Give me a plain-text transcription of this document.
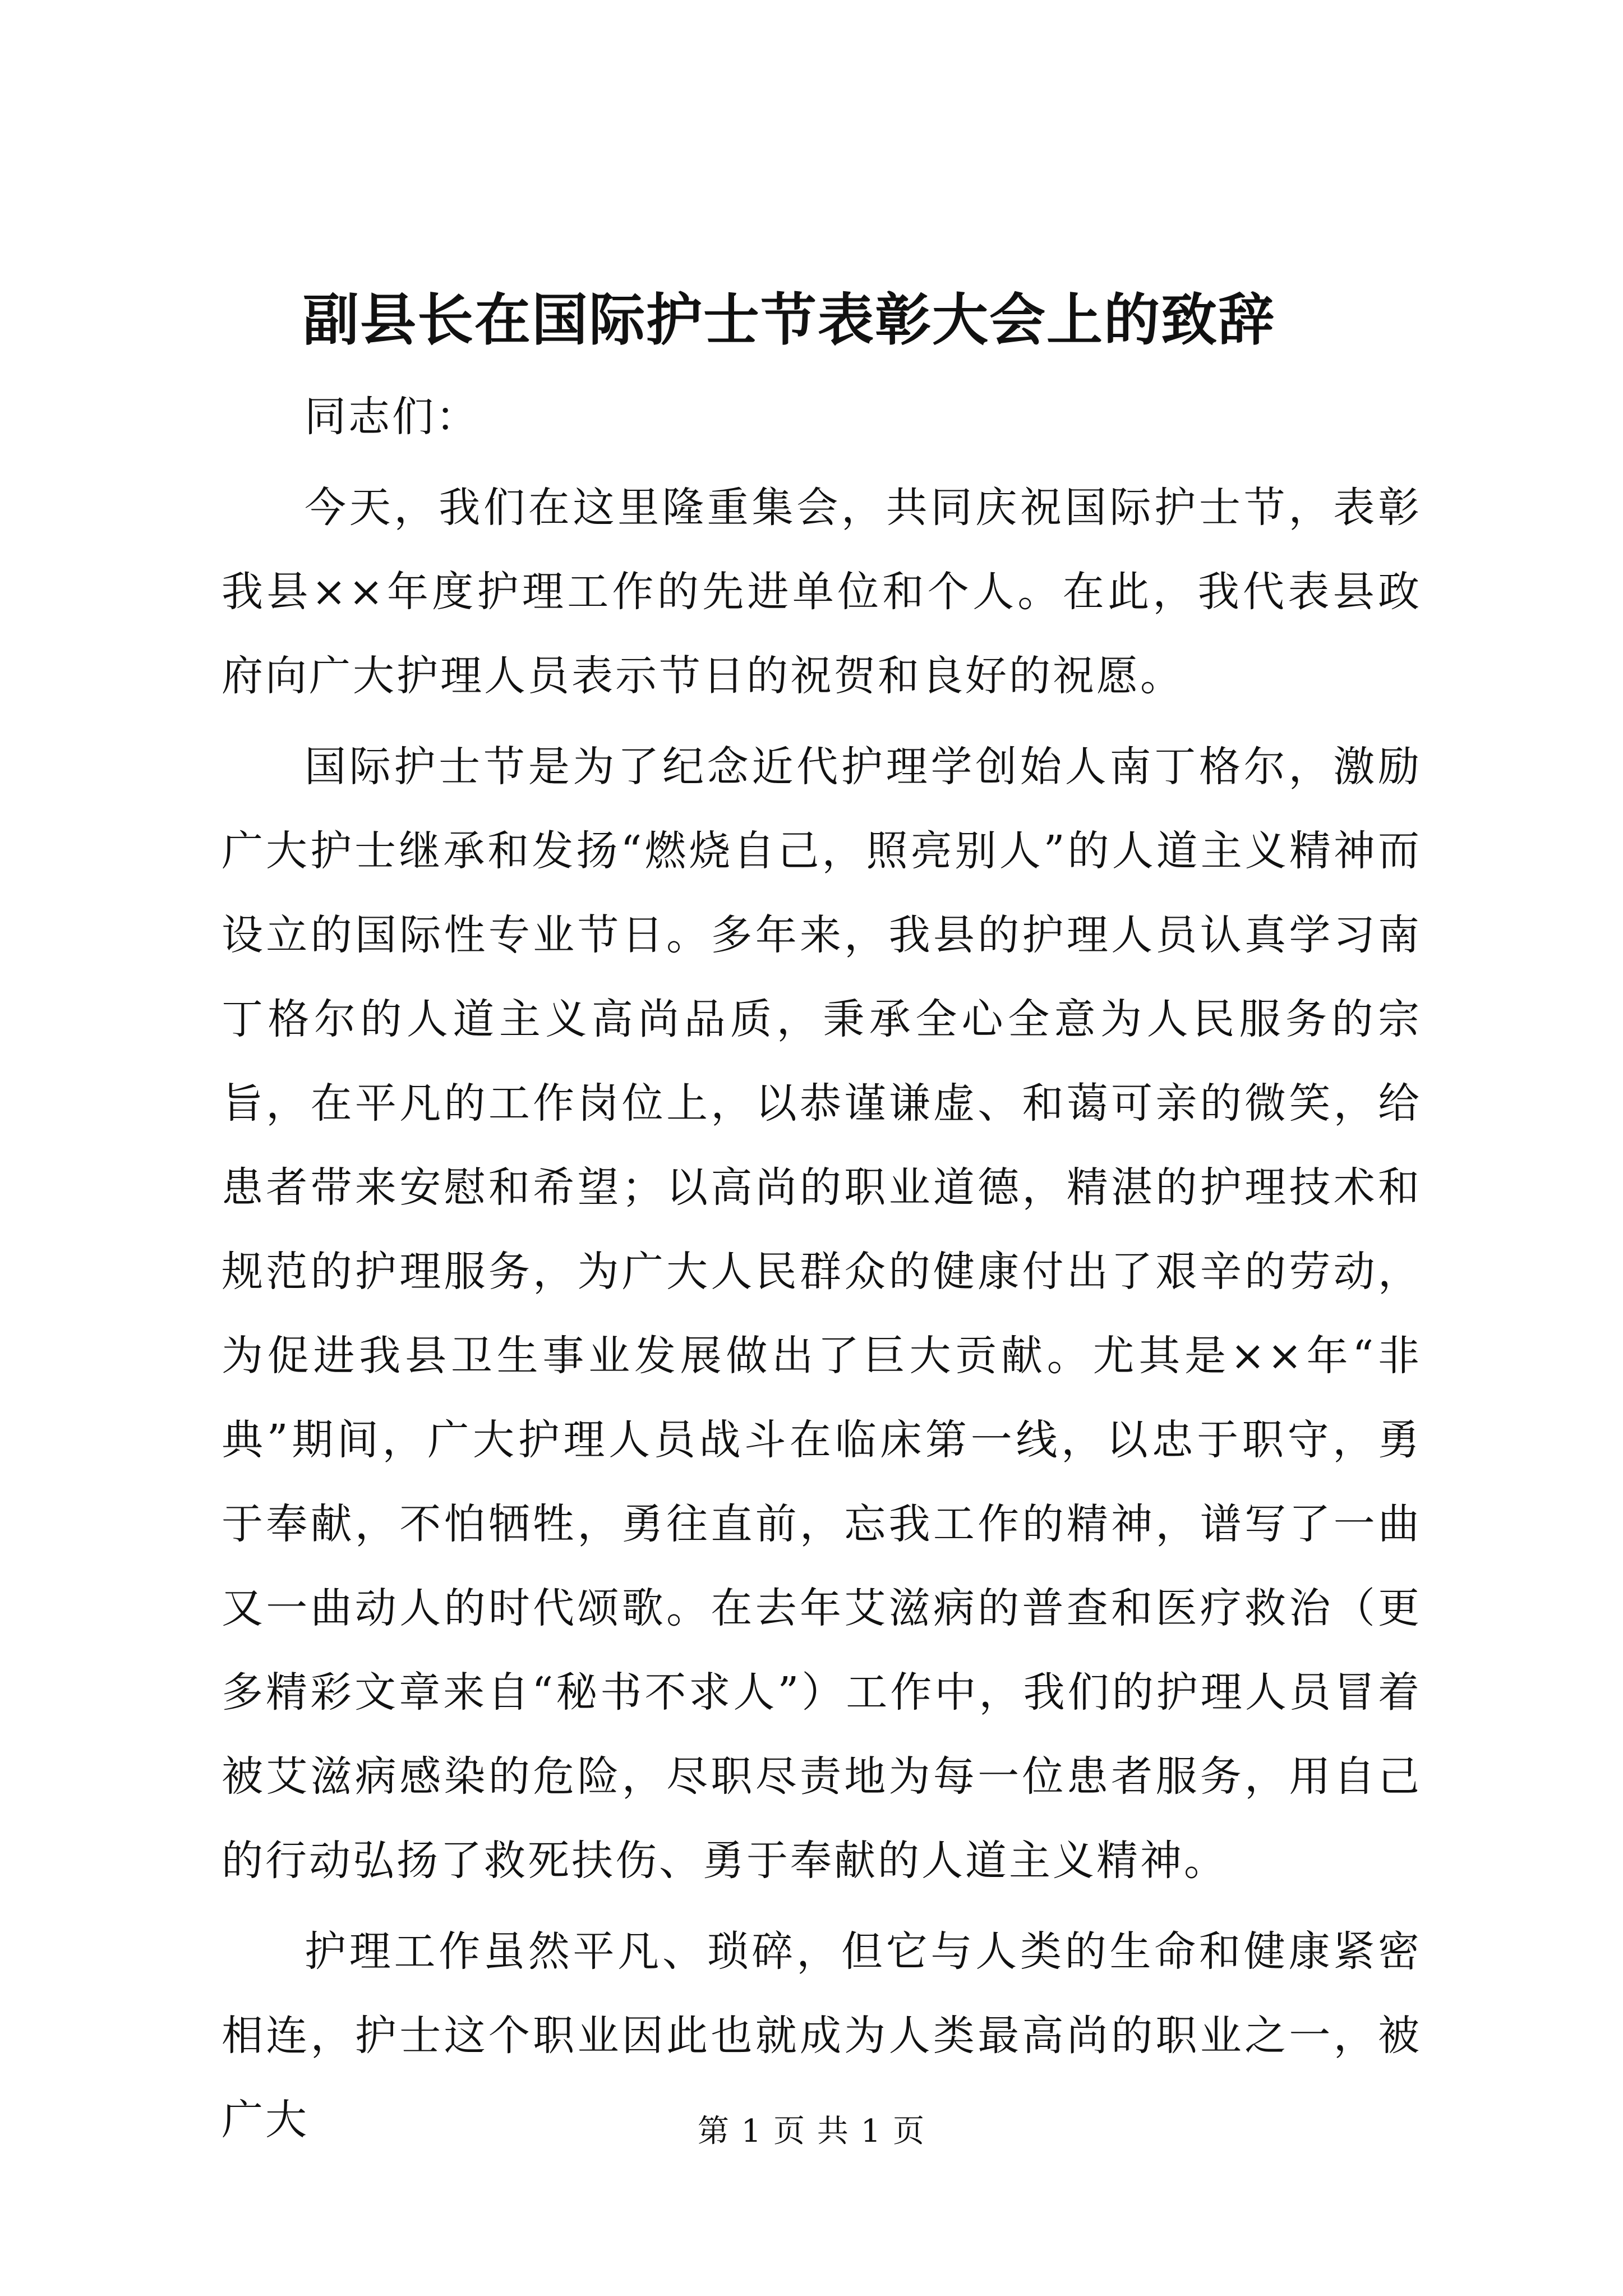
副县长在国际护士节表彰大会上的致辞

同志们：

今天，我们在这里隆重集会，共同庆祝国际护士节，表彰我县××年度护理工作的先进单位和个人。在此，我代表县政府向广大护理人员表示节日的祝贺和良好的祝愿。

国际护士节是为了纪念近代护理学创始人南丁格尔，激励广大护士继承和发扬“燃烧自己，照亮别人”的人道主义精神而设立的国际性专业节日。多年来，我县的护理人员认真学习南丁格尔的人道主义高尚品质，秉承全心全意为人民服务的宗旨，在平凡的工作岗位上，以恭谨谦虚、和蔼可亲的微笑，给患者带来安慰和希望；以高尚的职业道德，精湛的护理技术和规范的护理服务，为广大人民群众的健康付出了艰辛的劳动，为促进我县卫生事业发展做出了巨大贡献。尤其是××年“非典”期间，广大护理人员战斗在临床第一线，以忠于职守，勇于奉献，不怕牺牲，勇往直前，忘我工作的精神，谱写了一曲又一曲动人的时代颂歌。在去年艾滋病的普查和医疗救治（更多精彩文章来自“秘书不求人”）工作中，我们的护理人员冒着被艾滋病感染的危险，尽职尽责地为每一位患者服务，用自己的行动弘扬了救死扶伤、勇于奉献的人道主义精神。

护理工作虽然平凡、琐碎，但它与人类的生命和健康紧密相连，护士这个职业因此也就成为人类最高尚的职业之一，被广大	第 1 页 共 1 页
